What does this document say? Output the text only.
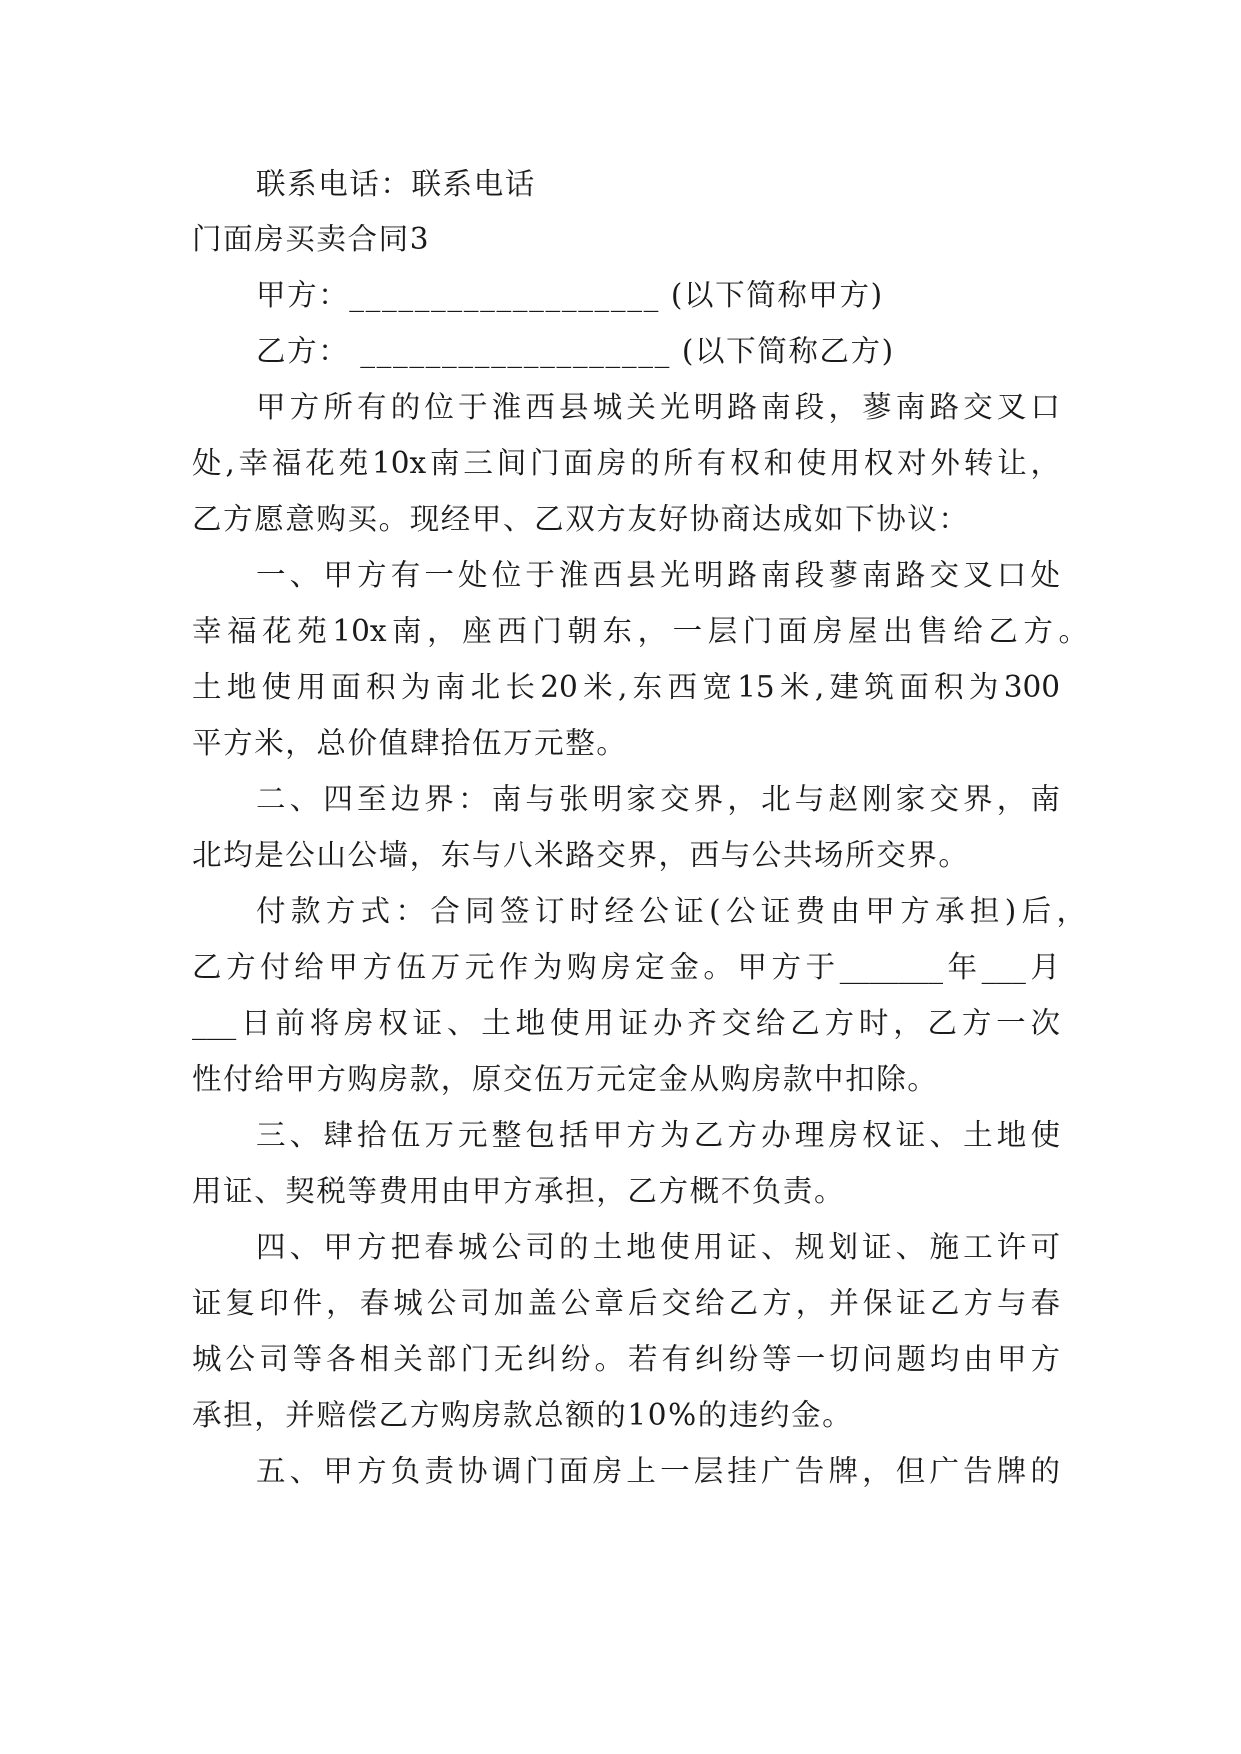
联系电话：联系电话
门面房买卖合同3
甲方：___________________ (以下简称甲方)
乙方： ___________________ (以下简称乙方)
甲方所有的位于淮西县城关光明路南段，蓼南路交叉口
处,幸福花苑10x南三间门面房的所有权和使用权对外转让，
乙方愿意购买。现经甲、乙双方友好协商达成如下协议：
一、甲方有一处位于淮西县光明路南段蓼南路交叉口处
幸福花苑10x南，座西门朝东，一层门面房屋出售给乙方。
土地使用面积为南北长20米,东西宽15米,建筑面积为300
平方米，总价值肆拾伍万元整。
二、四至边界：南与张明家交界，北与赵刚家交界，南
北均是公山公墙，东与八米路交界，西与公共场所交界。
付款方式：合同签订时经公证(公证费由甲方承担)后，
乙方付给甲方伍万元作为购房定金。甲方于_______年___月
___日前将房权证、土地使用证办齐交给乙方时，乙方一次
性付给甲方购房款，原交伍万元定金从购房款中扣除。
三、肆拾伍万元整包括甲方为乙方办理房权证、土地使
用证、契税等费用由甲方承担，乙方概不负责。
四、甲方把春城公司的土地使用证、规划证、施工许可
证复印件，春城公司加盖公章后交给乙方，并保证乙方与春
城公司等各相关部门无纠纷。若有纠纷等一切问题均由甲方
承担，并赔偿乙方购房款总额的10%的违约金。
五、甲方负责协调门面房上一层挂广告牌，但广告牌的
